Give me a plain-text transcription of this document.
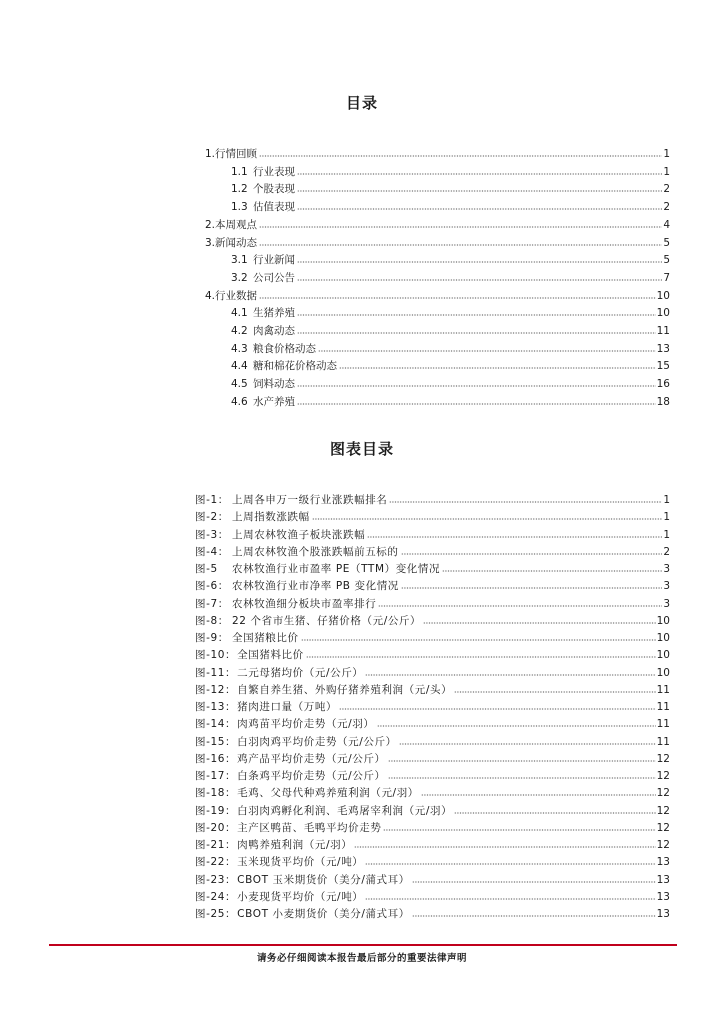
目录
1.行情回顾	1
1.1 行业表现	1
1.2 个股表现	2
1.3 估值表现	2
2.本周观点	4
3.新闻动态	5
3.1 行业新闻	5
3.2 公司公告	7
4.行业数据	10
4.1 生猪养殖	10
4.2 肉禽动态	11
4.3 粮食价格动态	13
4.4 糖和棉花价格动态	15
4.5 饲料动态	16
4.6 水产养殖	18
图表目录
图-1： 上周各申万一级行业涨跌幅排名	1
图-2： 上周指数涨跌幅	1
图-3： 上周农林牧渔子板块涨跌幅	1
图-4： 上周农林牧渔个股涨跌幅前五标的	2
图-5 农林牧渔行业市盈率 PE（TTM）变化情况	3
图-6： 农林牧渔行业市净率 PB 变化情况	3
图-7： 农林牧渔细分板块市盈率排行	3
图-8： 22 个省市生猪、仔猪价格（元/公斤）	10
图-9： 全国猪粮比价	10
图-10：全国猪料比价	10
图-11：二元母猪均价（元/公斤）	10
图-12：自繁自养生猪、外购仔猪养殖利润（元/头）	11
图-13：猪肉进口量（万吨）	11
图-14：肉鸡苗平均价走势（元/羽）	11
图-15：白羽肉鸡平均价走势（元/公斤）	11
图-16：鸡产品平均价走势（元/公斤）	12
图-17：白条鸡平均价走势（元/公斤）	12
图-18：毛鸡、父母代种鸡养殖利润（元/羽）	12
图-19：白羽肉鸡孵化利润、毛鸡屠宰利润（元/羽）	12
图-20：主产区鸭苗、毛鸭平均价走势	12
图-21：肉鸭养殖利润（元/羽）	12
图-22：玉米现货平均价（元/吨）	13
图-23：CBOT 玉米期货价（美分/蒲式耳）	13
图-24：小麦现货平均价（元/吨）	13
图-25：CBOT 小麦期货价（美分/蒲式耳）	13
请务必仔细阅读本报告最后部分的重要法律声明
